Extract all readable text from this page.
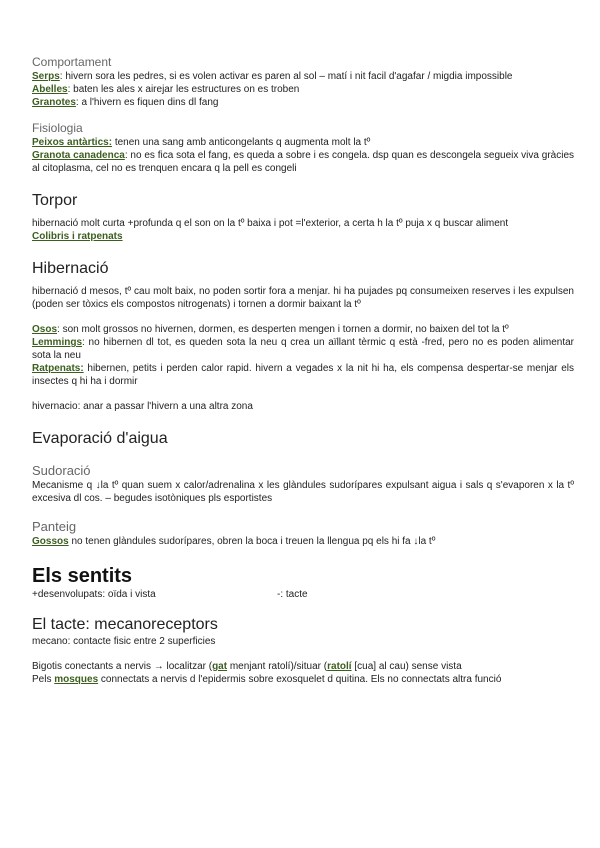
Comportament

Serps: hivern sora les pedres, si es volen activar es paren al sol – matí i nit facil d'agafar / migdia impossible

Abelles: baten les ales x airejar les estructures on es troben

Granotes: a l'hivern es fiquen dins dl fang

Fisiologia

Peixos antàrtics: tenen una sang amb anticongelants q augmenta molt la tº

Granota canadenca: no es fica sota el fang, es queda a sobre i es congela. dsp quan es descongela segueix viva gràcies al citoplasma, cel no es trenquen encara q la pell es congeli

Torpor

hibernació molt curta +profunda q el son on la tº baixa i pot =l'exterior, a certa h la tº puja x q buscar aliment

Colibris i ratpenats

Hibernació

hibernació d mesos, tº cau molt baix, no poden sortir fora a menjar. hi ha pujades pq consumeixen reserves i les expulsen (poden ser tòxics els compostos nitrogenats) i tornen a dormir baixant la tº

Osos: son molt grossos no hivernen, dormen, es desperten mengen i tornen a dormir, no baixen del tot la tº

Lemmings: no hibernen dl tot, es queden sota la neu q crea un aïllant tèrmic q està -fred, pero no es poden alimentar sota la neu

Ratpenats: hibernen, petits i perden calor rapid. hivern a vegades x la nit hi ha, els compensa despertar-se menjar els insectes q hi ha i dormir

hivernacio: anar a passar l'hivern a una altra zona

Evaporació d'aigua

Sudoració

Mecanisme q ↓la tº quan suem x calor/adrenalina x les glàndules sudorípares expulsant aigua i sals q s'evaporen x la tº excesiva dl cos. – begudes isotòniques pls esportistes

Panteig

Gossos no tenen glàndules sudorípares, obren la boca i treuen la llengua pq els hi fa ↓la tº

Els sentits

+desenvolupats: oïda i vista	-: tacte

El tacte: mecanoreceptors

mecano: contacte fisic entre 2 superficies

Bigotis conectants a nervis → localitzar (gat menjant ratolí)/situar (ratolí [cua] al cau) sense vista

Pels mosques connectats a nervis d l'epidermis sobre exosquelet d quitina. Els no connectats altra funció
